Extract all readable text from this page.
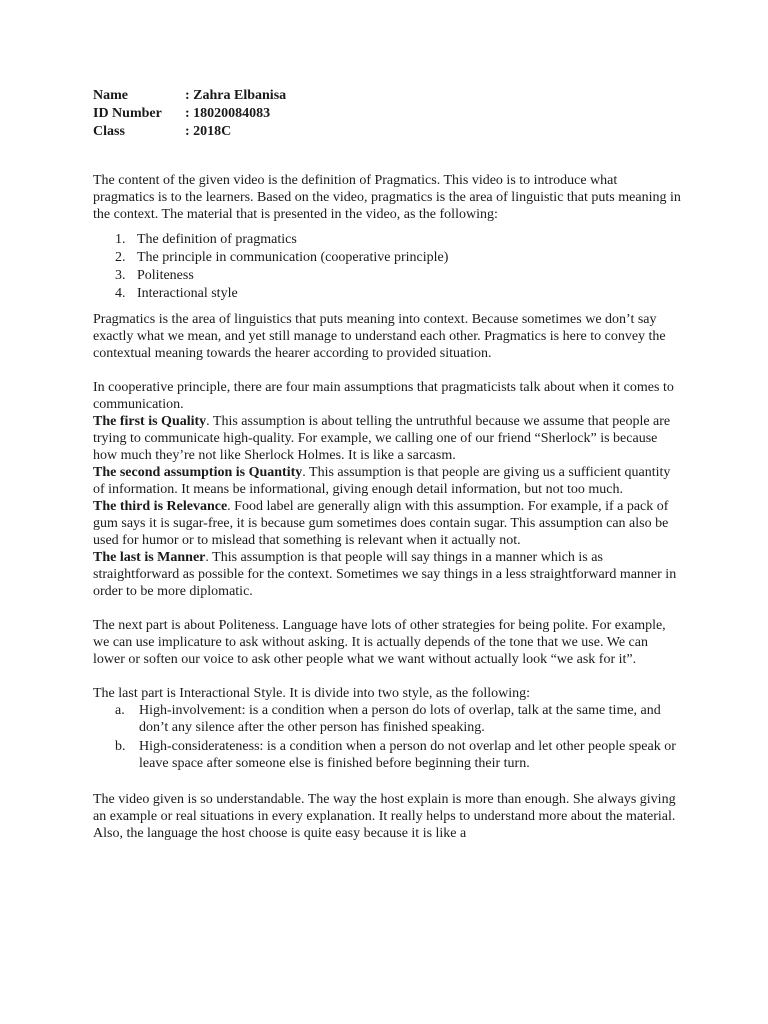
Name	: Zahra Elbanisa
ID Number	: 18020084083
Class	: 2018C

The content of the given video is the definition of Pragmatics. This video is to introduce what pragmatics is to the learners. Based on the video, pragmatics is the area of linguistic that puts meaning in the context. The material that is presented in the video, as the following:

1. The definition of pragmatics
2. The principle in communication (cooperative principle)
3. Politeness
4. Interactional style

Pragmatics is the area of linguistics that puts meaning into context. Because sometimes we don’t say exactly what we mean, and yet still manage to understand each other. Pragmatics is here to convey the contextual meaning towards the hearer according to provided situation.

In cooperative principle, there are four main assumptions that pragmaticists talk about when it comes to communication.

The first is Quality. This assumption is about telling the untruthful because we assume that people are trying to communicate high-quality. For example, we calling one of our friend “Sherlock” is because how much they’re not like Sherlock Holmes. It is like a sarcasm.

The second assumption is Quantity. This assumption is that people are giving us a sufficient quantity of information. It means be informational, giving enough detail information, but not too much.

The third is Relevance. Food label are generally align with this assumption. For example, if a pack of gum says it is sugar-free, it is because gum sometimes does contain sugar. This assumption can also be used for humor or to mislead that something is relevant when it actually not.

The last is Manner. This assumption is that people will say things in a manner which is as straightforward as possible for the context. Sometimes we say things in a less straightforward manner in order to be more diplomatic.

The next part is about Politeness. Language have lots of other strategies for being polite. For example, we can use implicature to ask without asking. It is actually depends of the tone that we use. We can lower or soften our voice to ask other people what we want without actually look “we ask for it”.

The last part is Interactional Style. It is divide into two style, as the following:

a.	High-involvement: is a condition when a person do lots of overlap, talk at the same time, and don’t any silence after the other person has finished speaking.
b. High-considerateness: is a condition when a person do not overlap and let other people speak or leave space after someone else is finished before beginning their turn.

The video given is so understandable. The way the host explain is more than enough. She always giving an example or real situations in every explanation. It really helps to understand more about the material. Also, the language the host choose is quite easy because it is like a
